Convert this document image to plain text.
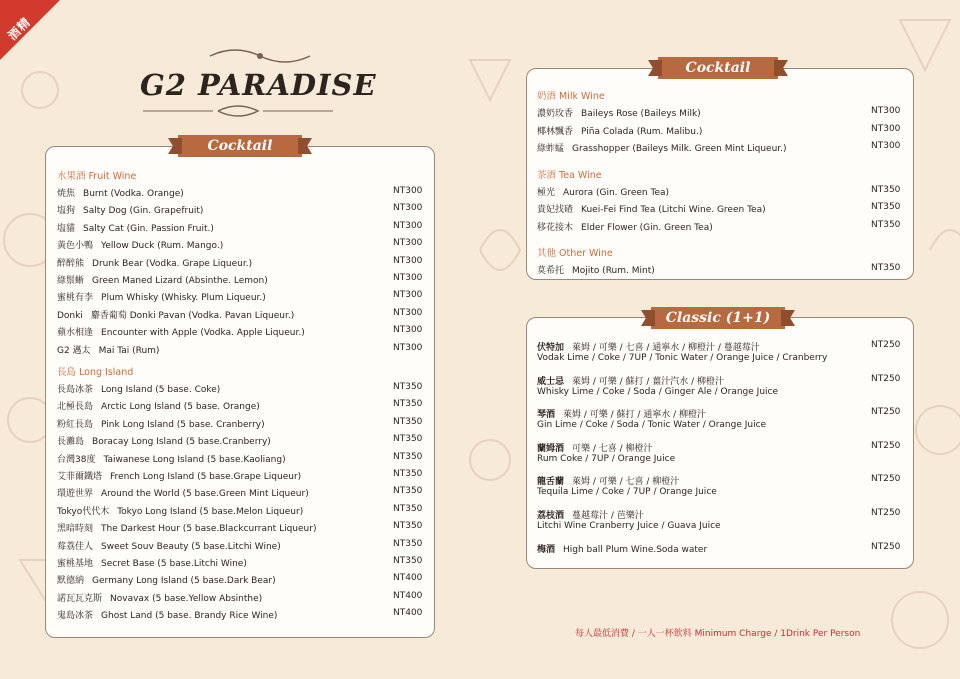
酒精
G2 PARADISE
Cocktail
水果酒 Fruit Wine
焼焦 Burnt (Vodka. Orange)	NT300
塩狗 Salty Dog (Gin. Grapefruit)	NT300
塩貓 Salty Cat (Gin. Passion Fruit.)	NT300
黃色小鴨 Yellow Duck (Rum. Mango.)	NT300
醉醉熊 Drunk Bear (Vodka. Grape Liqueur.)	NT300
綠鬃蜥 Green Maned Lizard (Absinthe. Lemon)	NT300
蜜桃有李 Plum Whisky (Whisky. Plum Liqueur.)	NT300
Donki 麝香葡萄 Donki Pavan (Vodka. Pavan Liqueur.)	NT300
蘋水相逢 Encounter with Apple (Vodka. Apple Liqueur.)	NT300
G2 邁太 Mai Tai (Rum)	NT300
長島 Long Island
長島冰茶 Long Island (5 base. Coke)	NT350
北極長島 Arctic Long Island (5 base. Orange)	NT350
粉紅長島 Pink Long Island (5 base. Cranberry)	NT350
長灘島 Boracay Long Island (5 base.Cranberry)	NT350
台灣38度 Taiwanese Long Island (5 base.Kaoliang)	NT350
艾菲爾鐵塔 French Long Island (5 base.Grape Liqueur)	NT350
環遊世界 Around the World (5 base.Green Mint Liqueur)	NT350
Tokyo代代木 Tokyo Long Island (5 base.Melon Liqueur)	NT350
黑暗時刻 The Darkest Hour (5 base.Blackcurrant Liqueur)	NT350
莓荔佳人 Sweet Souv Beauty (5 base.Litchi Wine)	NT350
蜜桃基地 Secret Base (5 base.Litchi Wine)	NT350
默德納 Germany Long Island (5 base.Dark Bear)	NT400
諾瓦瓦克斯 Novavax (5 base.Yellow Absinthe)	NT400
鬼島冰茶 Ghost Land (5 base. Brandy Rice Wine)	NT400
Cocktail
奶酒 Milk Wine
濃奶玫香 Baileys Rose (Baileys Milk)	NT300
椰林飄香 Piña Colada (Rum. Malibu.)	NT300
綠蚱蜢 Grasshopper (Baileys Milk. Green Mint Liqueur.)	NT300
茶酒 Tea Wine
極光 Aurora (Gin. Green Tea)	NT350
貴妃找碴 Kuei-Fei Find Tea (Litchi Wine. Green Tea)	NT350
移花接木 Elder Flower (Gin. Green Tea)	NT350
其他 Other Wine
莫希托 Mojito (Rum. Mint)	NT350
Classic (1+1)
伏特加 萊姆 / 可樂 / 七喜 / 通寧水 / 柳橙汁 / 蔓越莓汁
Vodak Lime / Coke / 7UP / Tonic Water / Orange Juice / Cranberry
NT250
威士忌 萊姆 / 可樂 / 蘇打 / 薑汁汽水 / 柳橙汁
Whisky Lime / Coke / Soda / Ginger Ale / Orange Juice
NT250
琴酒 萊姆 / 可樂 / 蘇打 / 通寧水 / 柳橙汁
Gin Lime / Coke / Soda / Tonic Water / Orange Juice
NT250
蘭姆酒 可樂 / 七喜 / 柳橙汁
Rum Coke / 7UP / Orange Juice
NT250
龍舌蘭 萊姆 / 可樂 / 七喜 / 柳橙汁
Tequila Lime / Coke / 7UP / Orange Juice
NT250
荔枝酒 蔓越莓汁 / 芭樂汁
Litchi Wine Cranberry Juice / Guava Juice
NT250
梅酒 High ball Plum Wine.Soda water	NT250
每人最低消費 / 一人一杯飲料 Minimum Charge / 1Drink Per Person
